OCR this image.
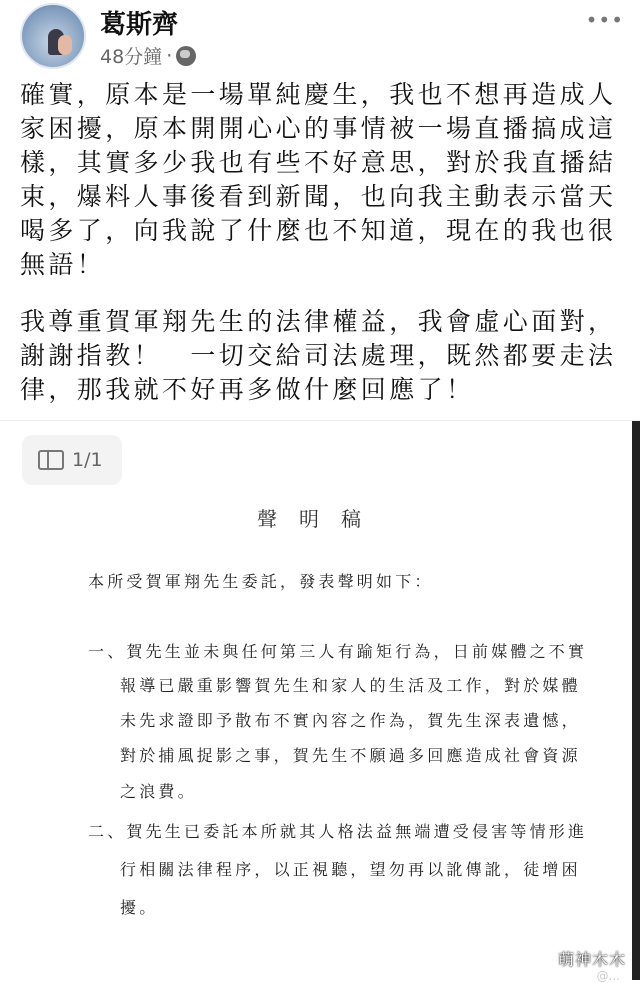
葛斯齊
48分鐘 ·
•••
確實，原本是一場單純慶生，我也不想再造成人
家困擾，原本開開心心的事情被一場直播搞成這
樣，其實多少我也有些不好意思，對於我直播結
束，爆料人事後看到新聞，也向我主動表示當天
喝多了，向我說了什麼也不知道，現在的我也很
無語！
我尊重賀軍翔先生的法律權益，我會虛心面對，
謝謝指教！　一切交給司法處理，既然都要走法
律，那我就不好再多做什麼回應了！
1/1
聲明稿
本所受賀軍翔先生委託，發表聲明如下：
一、賀先生並未與任何第三人有踰矩行為，日前媒體之不實
報導已嚴重影響賀先生和家人的生活及工作，對於媒體
未先求證即予散布不實內容之作為，賀先生深表遺憾，
對於捕風捉影之事，賀先生不願過多回應造成社會資源
之浪費。
二、賀先生已委託本所就其人格法益無端遭受侵害等情形進
行相關法律程序，以正視聽，望勿再以訛傳訛，徒增困
擾。
萌神木木
@...
